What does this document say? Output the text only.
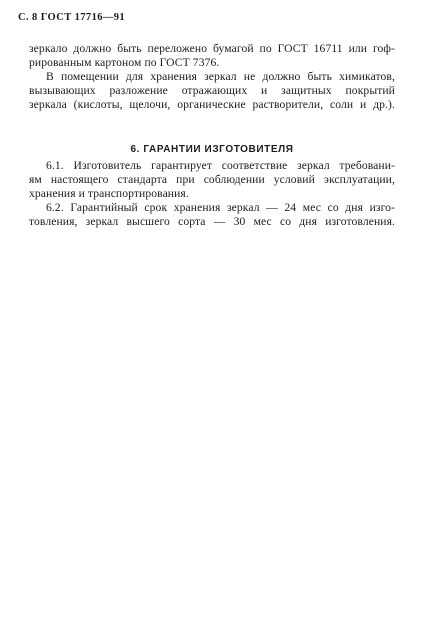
С. 8 ГОСТ 17716—91
зеркало должно быть переложено бумагой по ГОСТ 16711 или гоф-
рированным картоном по ГОСТ 7376.
В помещении для хранения зеркал не должно быть химикатов,
вызывающих разложение отражающих и защитных покрытий
зеркала (кислоты, щелочи, органические растворители, соли и др.).
6. ГАРАНТИИ ИЗГОТОВИТЕЛЯ
6.1. Изготовитель гарантирует соответствие зеркал требовани-
ям настоящего стандарта при соблюдении условий эксплуатации,
хранения и транспортирования.
6.2. Гарантийный срок хранения зеркал — 24 мес со дня изго-
товления, зеркал высшего сорта — 30 мес со дня изготовления.
